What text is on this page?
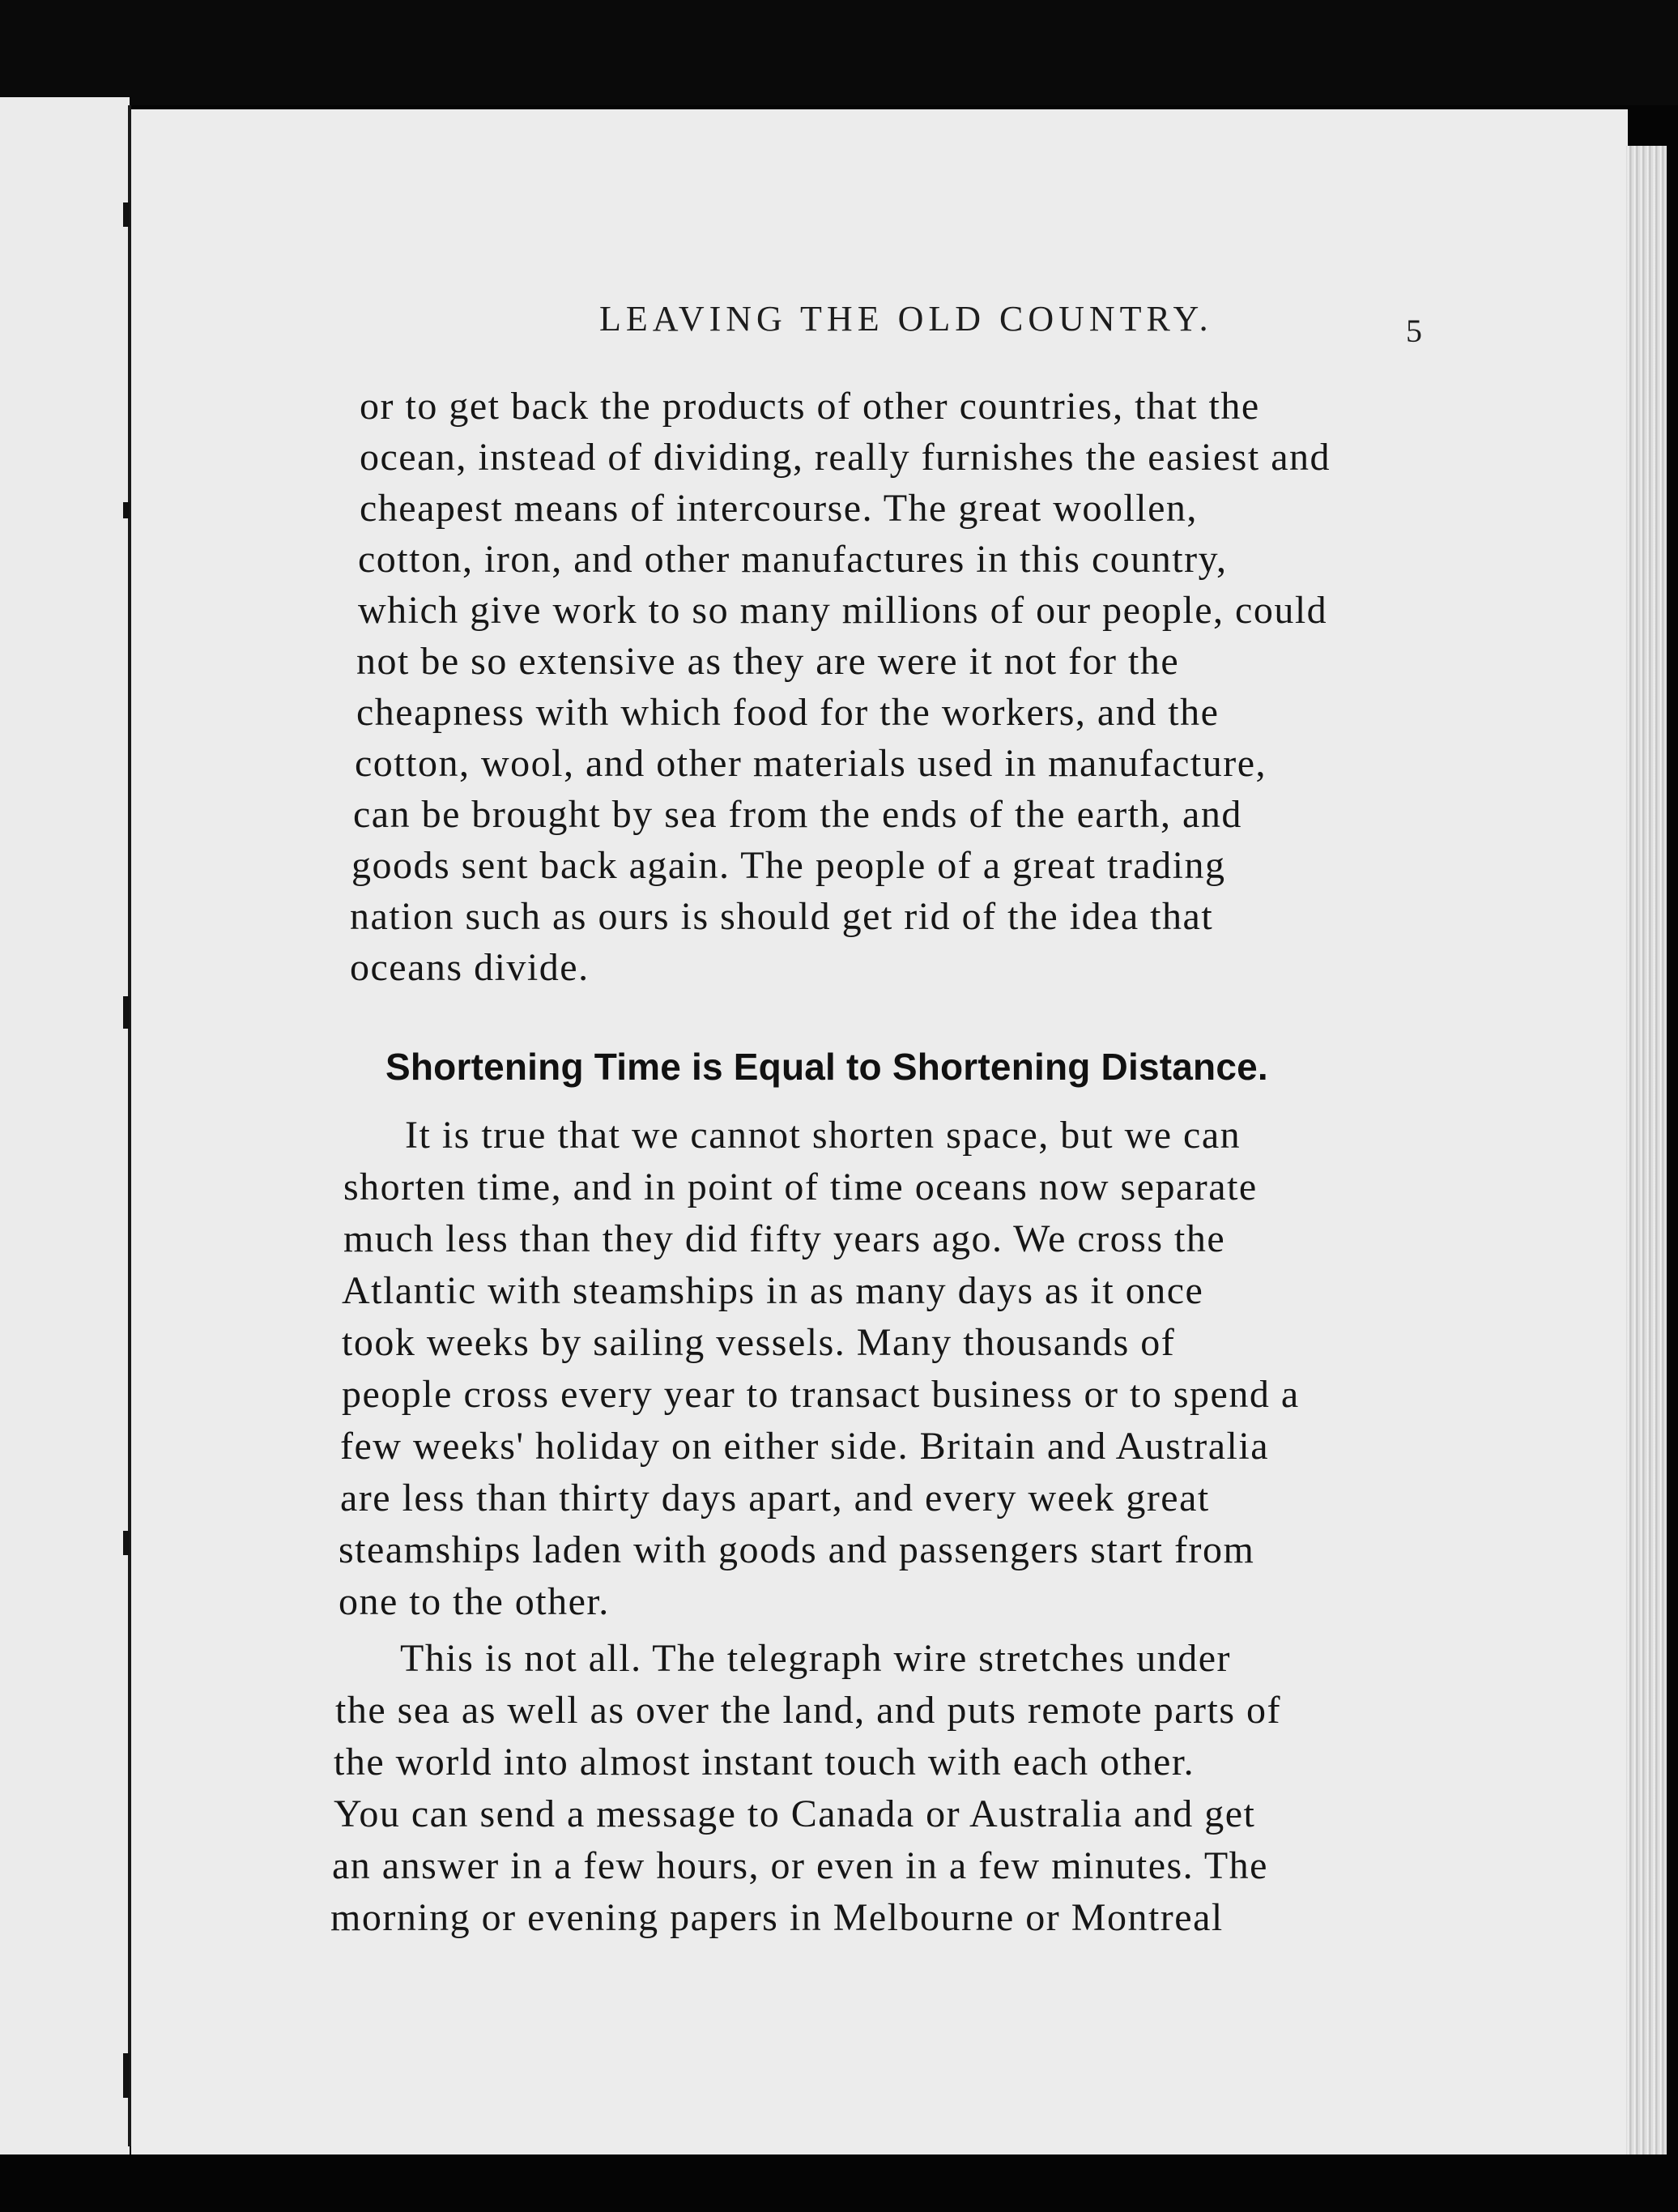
LEAVING THE OLD COUNTRY.	5
or to get back the products of other countries, that the
ocean, instead of dividing, really furnishes the easiest and
cheapest means of intercourse. The great woollen,
cotton, iron, and other manufactures in this country,
which give work to so many millions of our people, could
not be so extensive as they are were it not for the
cheapness with which food for the workers, and the
cotton, wool, and other materials used in manufacture,
can be brought by sea from the ends of the earth, and
goods sent back again. The people of a great trading
nation such as ours is should get rid of the idea that
oceans divide.
Shortening Time is Equal to Shortening Distance.
It is true that we cannot shorten space, but we can
shorten time, and in point of time oceans now separate
much less than they did fifty years ago. We cross the
Atlantic with steamships in as many days as it once
took weeks by sailing vessels. Many thousands of
people cross every year to transact business or to spend a
few weeks' holiday on either side. Britain and Australia
are less than thirty days apart, and every week great
steamships laden with goods and passengers start from
one to the other.
This is not all. The telegraph wire stretches under
the sea as well as over the land, and puts remote parts of
the world into almost instant touch with each other.
You can send a message to Canada or Australia and get
an answer in a few hours, or even in a few minutes. The
morning or evening papers in Melbourne or Montreal
